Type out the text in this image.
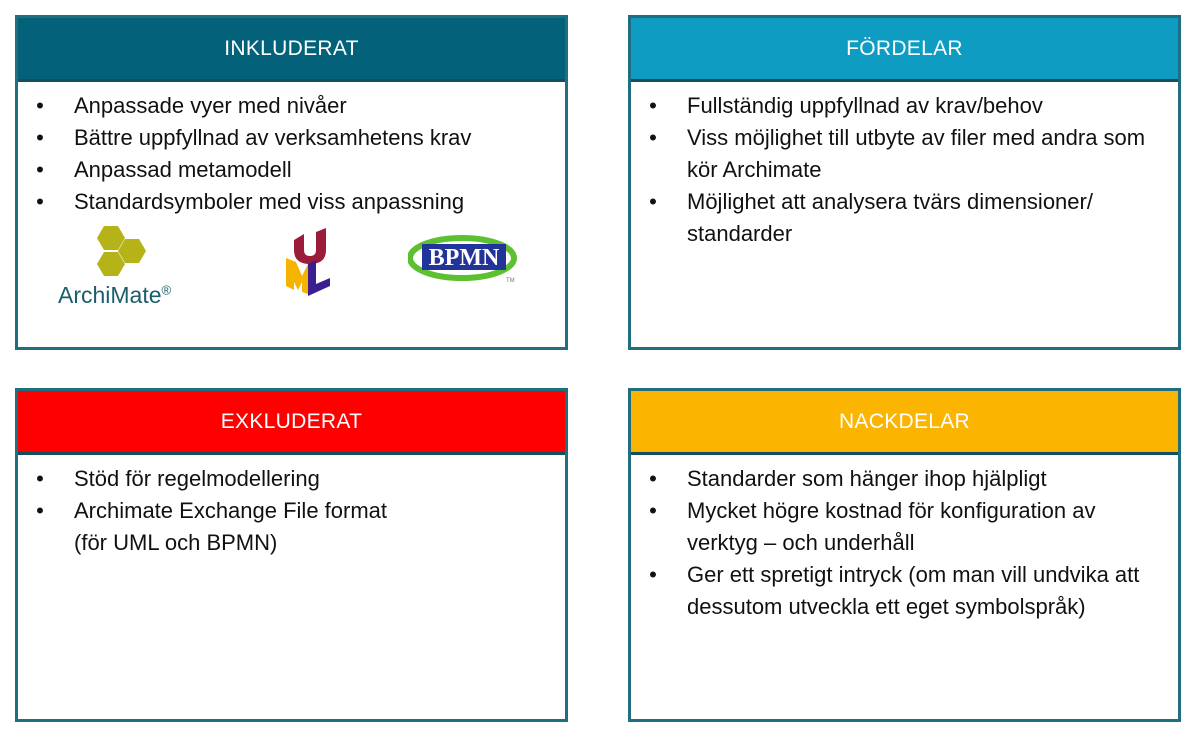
INKLUDERAT
• Anpassade vyer med nivåer
• Bättre uppfyllnad av verksamhetens krav
• Anpassad metamodell
• Standardsymboler med viss anpassning
ArchiMate®
BPMN
TM
FÖRDELAR
• Fullständig uppfyllnad av krav/behov
• Viss möjlighet till utbyte av filer med andra som kör Archimate
• Möjlighet att analysera tvärs dimensioner/ standarder
EXKLUDERAT
• Stöd för regelmodellering
• Archimate Exchange File format (för UML och BPMN)
NACKDELAR
• Standarder som hänger ihop hjälpligt
• Mycket högre kostnad för konfiguration av verktyg – och underhåll
• Ger ett spretigt intryck (om man vill undvika att dessutom utveckla ett eget symbolspråk)
